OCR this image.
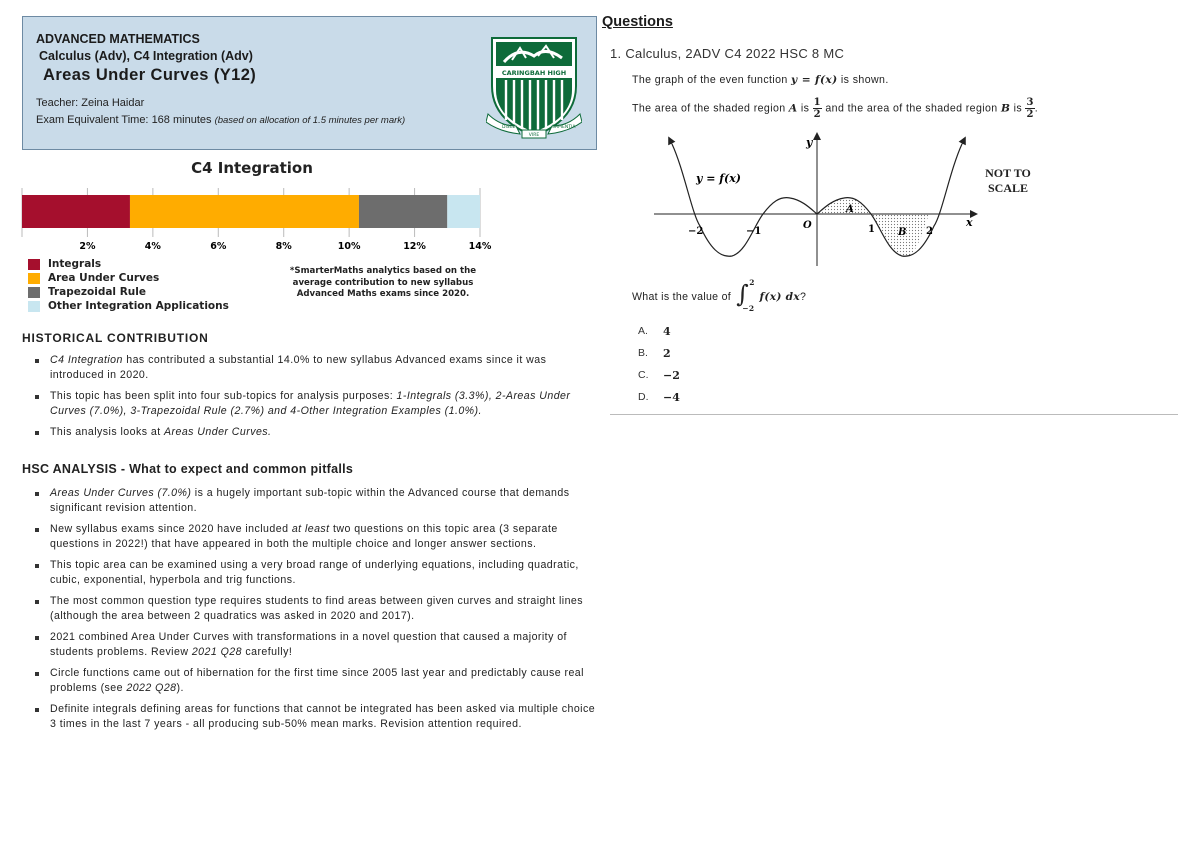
ADVANCED MATHEMATICS
Calculus (Adv), C4 Integration (Adv)
Areas Under Curves (Y12)
Teacher: Zeina Haidar
Exam Equivalent Time: 168 minutes (based on allocation of 1.5 minutes per mark)
CARINGBAH HIGH
DISCE	SAPIENTIA
VIRE
C4 Integration
2%	4%	6%	8%	10%	12%	14%
Integrals
Area Under Curves
Trapezoidal Rule
Other Integration Applications
*SmarterMaths analytics based on the average contribution to new syllabus Advanced Maths exams since 2020.
HISTORICAL CONTRIBUTION
C4 Integration has contributed a substantial 14.0% to new syllabus Advanced exams since it was introduced in 2020.
This topic has been split into four sub-topics for analysis purposes: 1-Integrals (3.3%), 2-Areas Under Curves (7.0%), 3-Trapezoidal Rule (2.7%) and 4-Other Integration Examples (1.0%).
This analysis looks at Areas Under Curves.
HSC ANALYSIS - What to expect and common pitfalls
Areas Under Curves (7.0%) is a hugely important sub-topic within the Advanced course that demands significant revision attention.
New syllabus exams since 2020 have included at least two questions on this topic area (3 separate questions in 2022!) that have appeared in both the multiple choice and longer answer sections.
This topic area can be examined using a very broad range of underlying equations, including quadratic, cubic, exponential, hyperbola and trig functions.
The most common question type requires students to find areas between given curves and straight lines (although the area between 2 quadratics was asked in 2020 and 2017).
2021 combined Area Under Curves with transformations in a novel question that caused a majority of students problems. Review 2021 Q28 carefully!
Circle functions came out of hibernation for the first time since 2005 last year and predictably cause real problems (see 2022 Q28).
Definite integrals defining areas for functions that cannot be integrated has been asked via multiple choice 3 times in the last 7 years - all producing sub-50% mean marks. Revision attention required.
Questions
1. Calculus, 2ADV C4 2022 HSC 8 MC
The graph of the even function y = f(x) is shown.
The area of the shaded region A is $\frac{1}{2}$ and the area of the shaded region B is $\frac{3}{2}$ .
y = f(x)
y
x
O
A
B
−2	−1	1	2
NOT TO SCALE
What is the value of ∫ 2
−2
f(x) dx?
A.	4
B.	2
C.	−2
D.	−4
